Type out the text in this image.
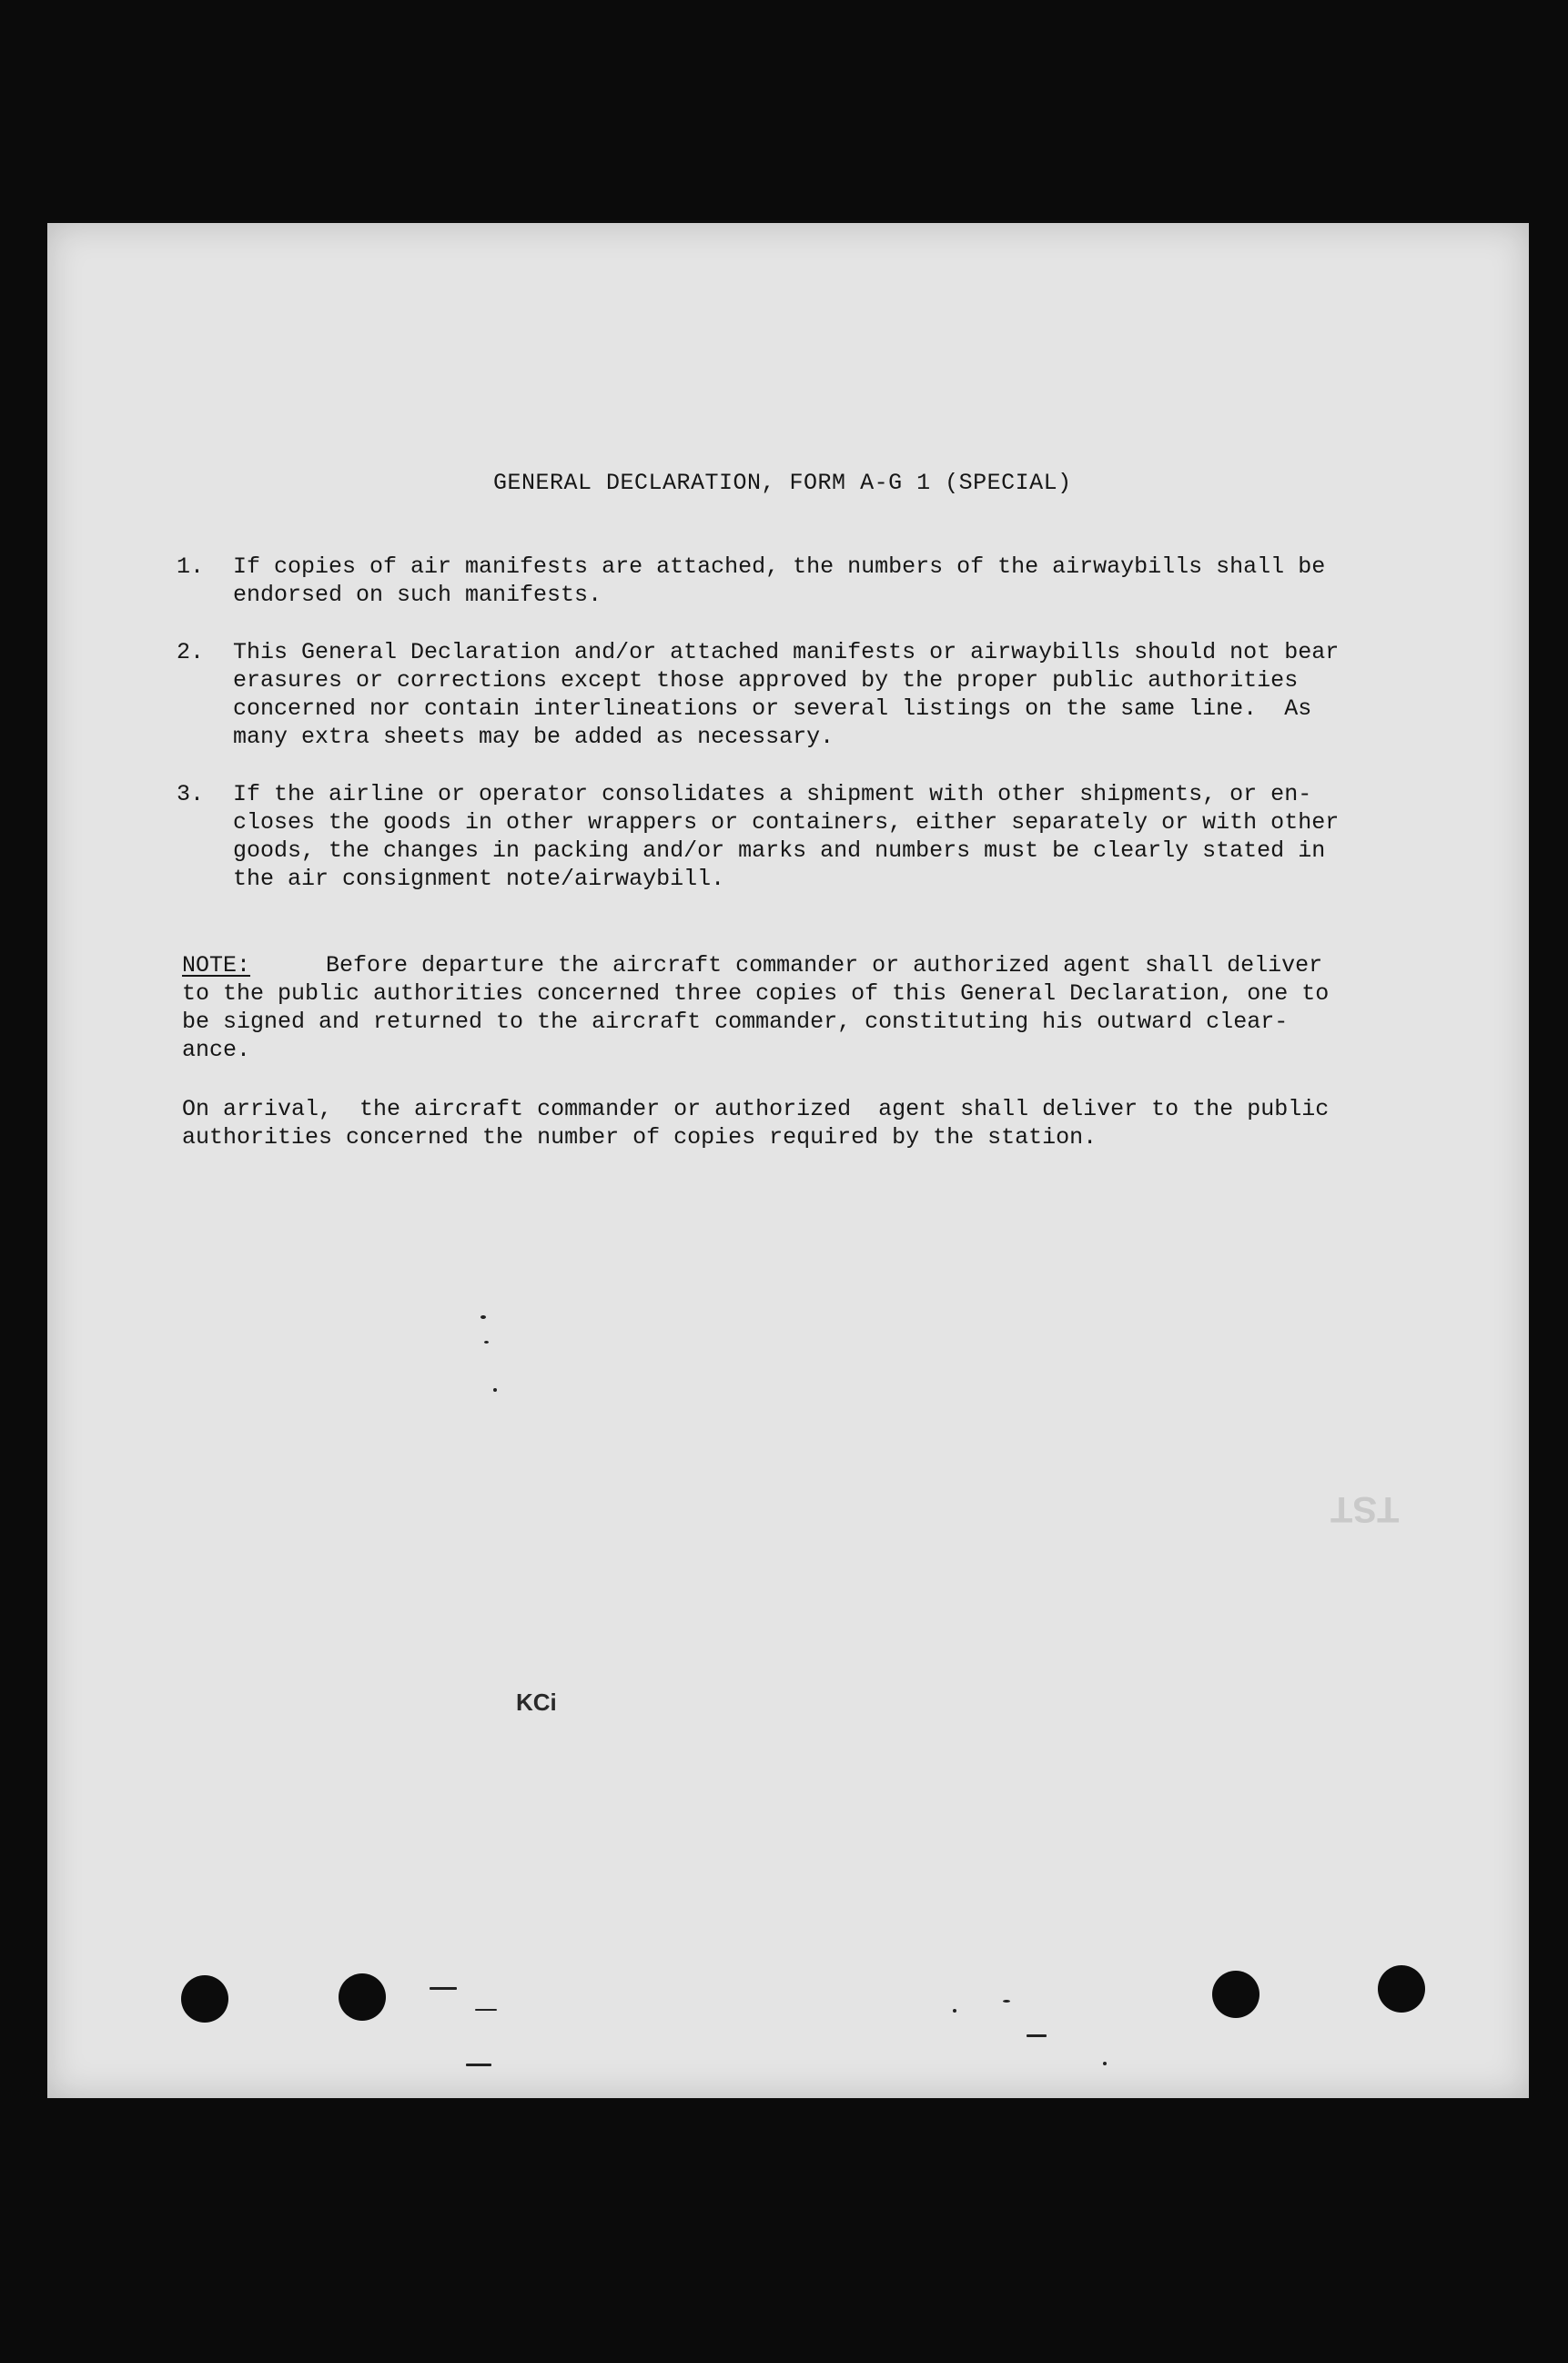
GENERAL DECLARATION, FORM A-G 1 (SPECIAL)
1. If copies of air manifests are attached, the numbers of the airwaybills shall be
endorsed on such manifests.
2. This General Declaration and/or attached manifests or airwaybills should not bear
erasures or corrections except those approved by the proper public authorities
concerned nor contain interlineations or several listings on the same line.  As
many extra sheets may be added as necessary.
3. If the airline or operator consolidates a shipment with other shipments, or en-
closes the goods in other wrappers or containers, either separately or with other
goods, the changes in packing and/or marks and numbers must be clearly stated in
the air consignment note/airwaybill.
NOTE:	Before departure the aircraft commander or authorized agent shall deliver
to the public authorities concerned three copies of this General Declaration, one to
be signed and returned to the aircraft commander, constituting his outward clear-
ance.
On arrival,  the aircraft commander or authorized  agent shall deliver to the public
authorities concerned the number of copies required by the station.
TST
KCi
